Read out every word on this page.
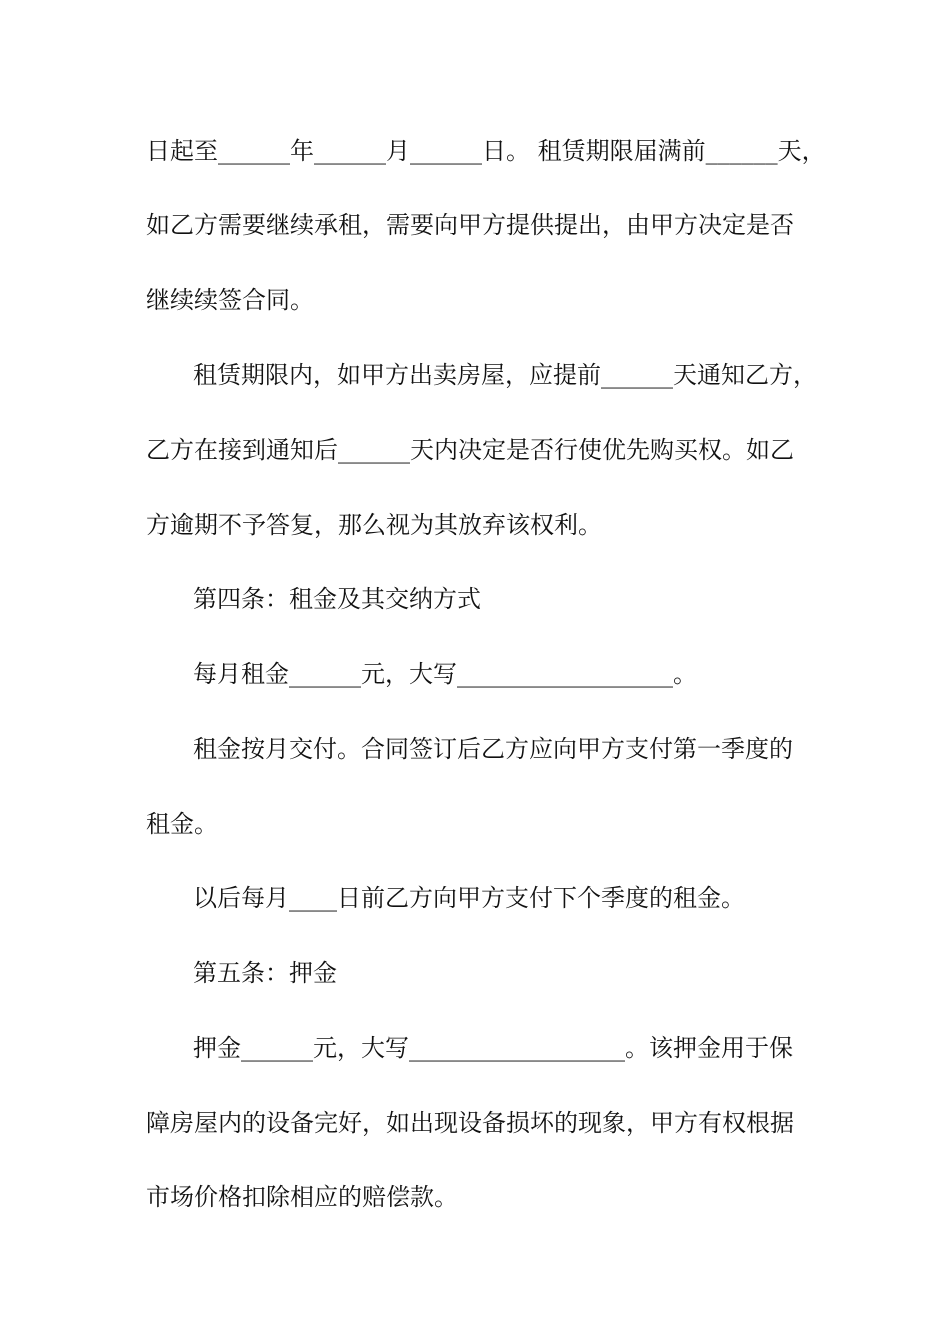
日起至______年______月______日。 租赁期限届满前______天，
如乙方需要继续承租，需要向甲方提供提出，由甲方决定是否
继续续签合同。
租赁期限内，如甲方出卖房屋，应提前______天通知乙方，
乙方在接到通知后______天内决定是否行使优先购买权。如乙
方逾期不予答复，那么视为其放弃该权利。
第四条：租金及其交纳方式
每月租金______元，大写__________________。
租金按月交付。合同签订后乙方应向甲方支付第一季度的
租金。
以后每月____日前乙方向甲方支付下个季度的租金。
第五条：押金
押金______元，大写__________________。该押金用于保
障房屋内的设备完好，如出现设备损坏的现象，甲方有权根据
市场价格扣除相应的赔偿款。
